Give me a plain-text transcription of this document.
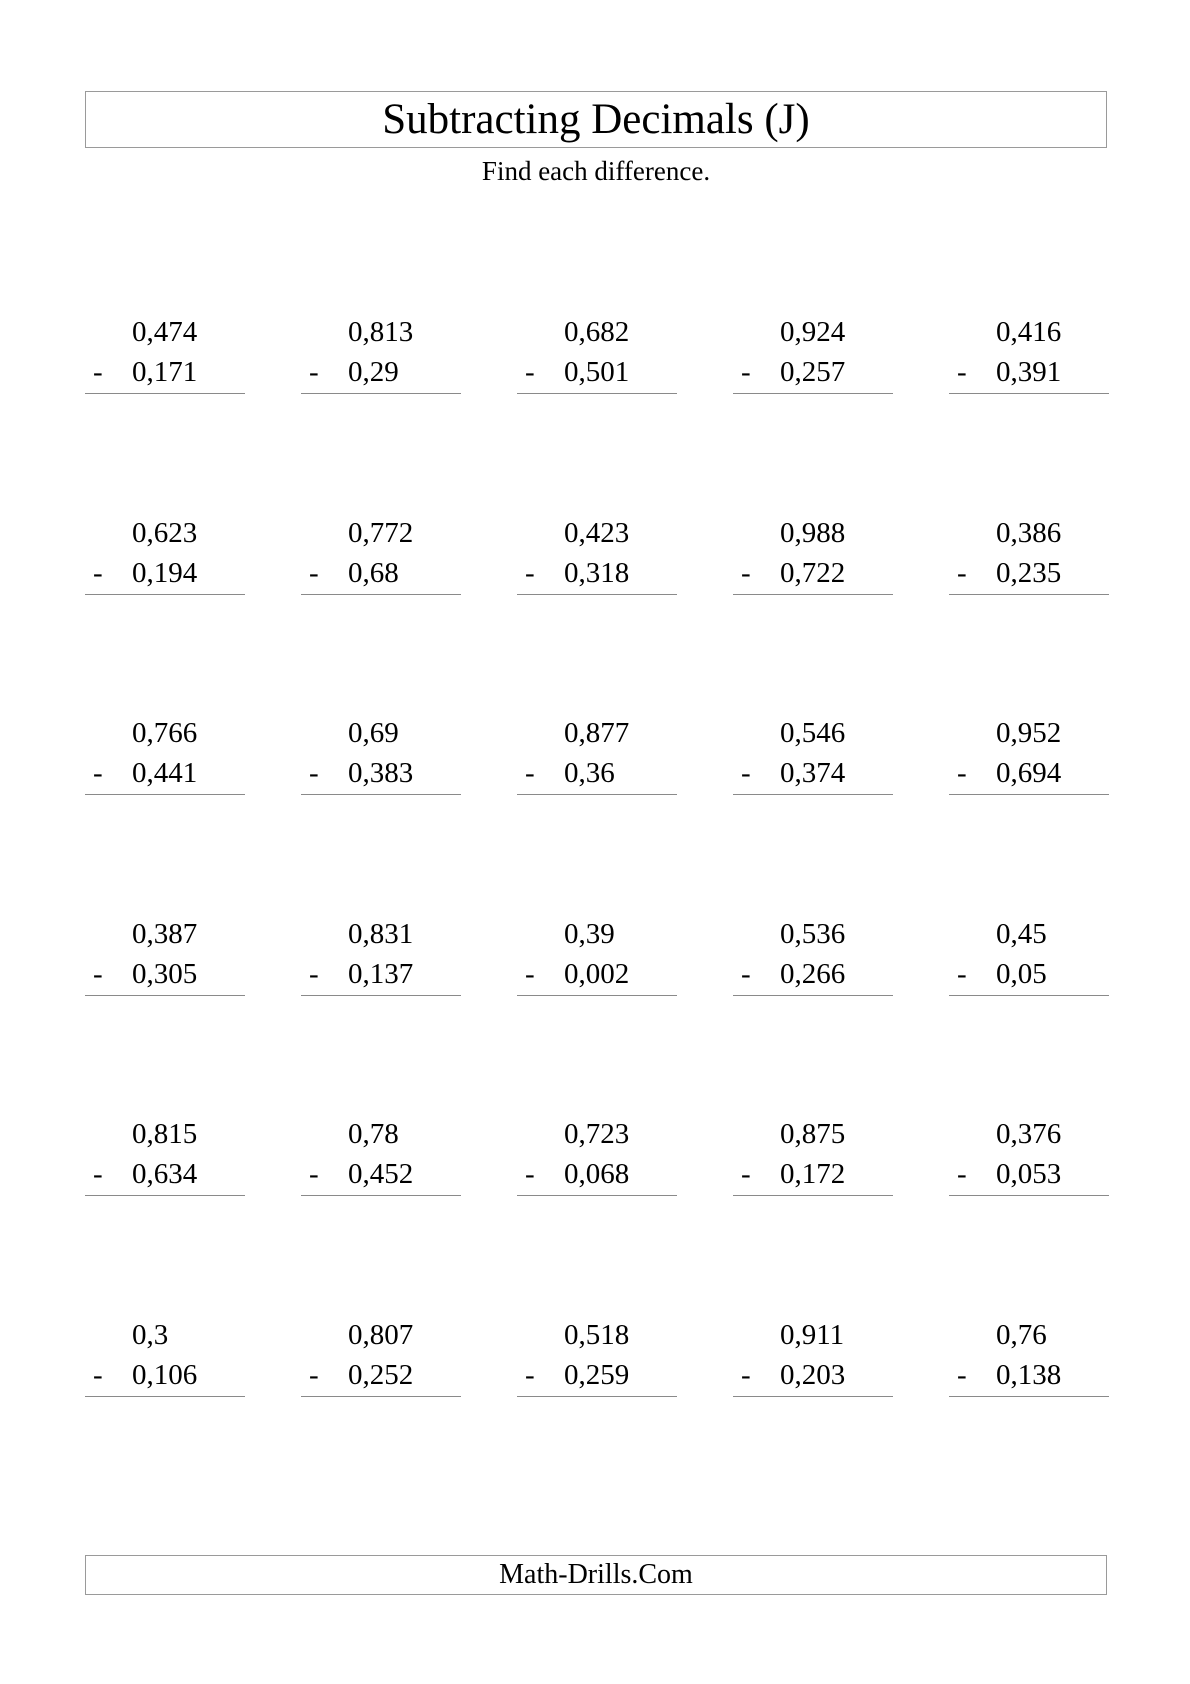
Subtracting Decimals (J)
Find each difference.
0,474
- 0,171
0,813
- 0,29
0,682
- 0,501
0,924
- 0,257
0,416
- 0,391
0,623
- 0,194
0,772
- 0,68
0,423
- 0,318
0,988
- 0,722
0,386
- 0,235
0,766
- 0,441
0,69
- 0,383
0,877
- 0,36
0,546
- 0,374
0,952
- 0,694
0,387
- 0,305
0,831
- 0,137
0,39
- 0,002
0,536
- 0,266
0,45
- 0,05
0,815
- 0,634
0,78
- 0,452
0,723
- 0,068
0,875
- 0,172
0,376
- 0,053
0,3
- 0,106
0,807
- 0,252
0,518
- 0,259
0,911
- 0,203
0,76
- 0,138
Math-Drills.Com
